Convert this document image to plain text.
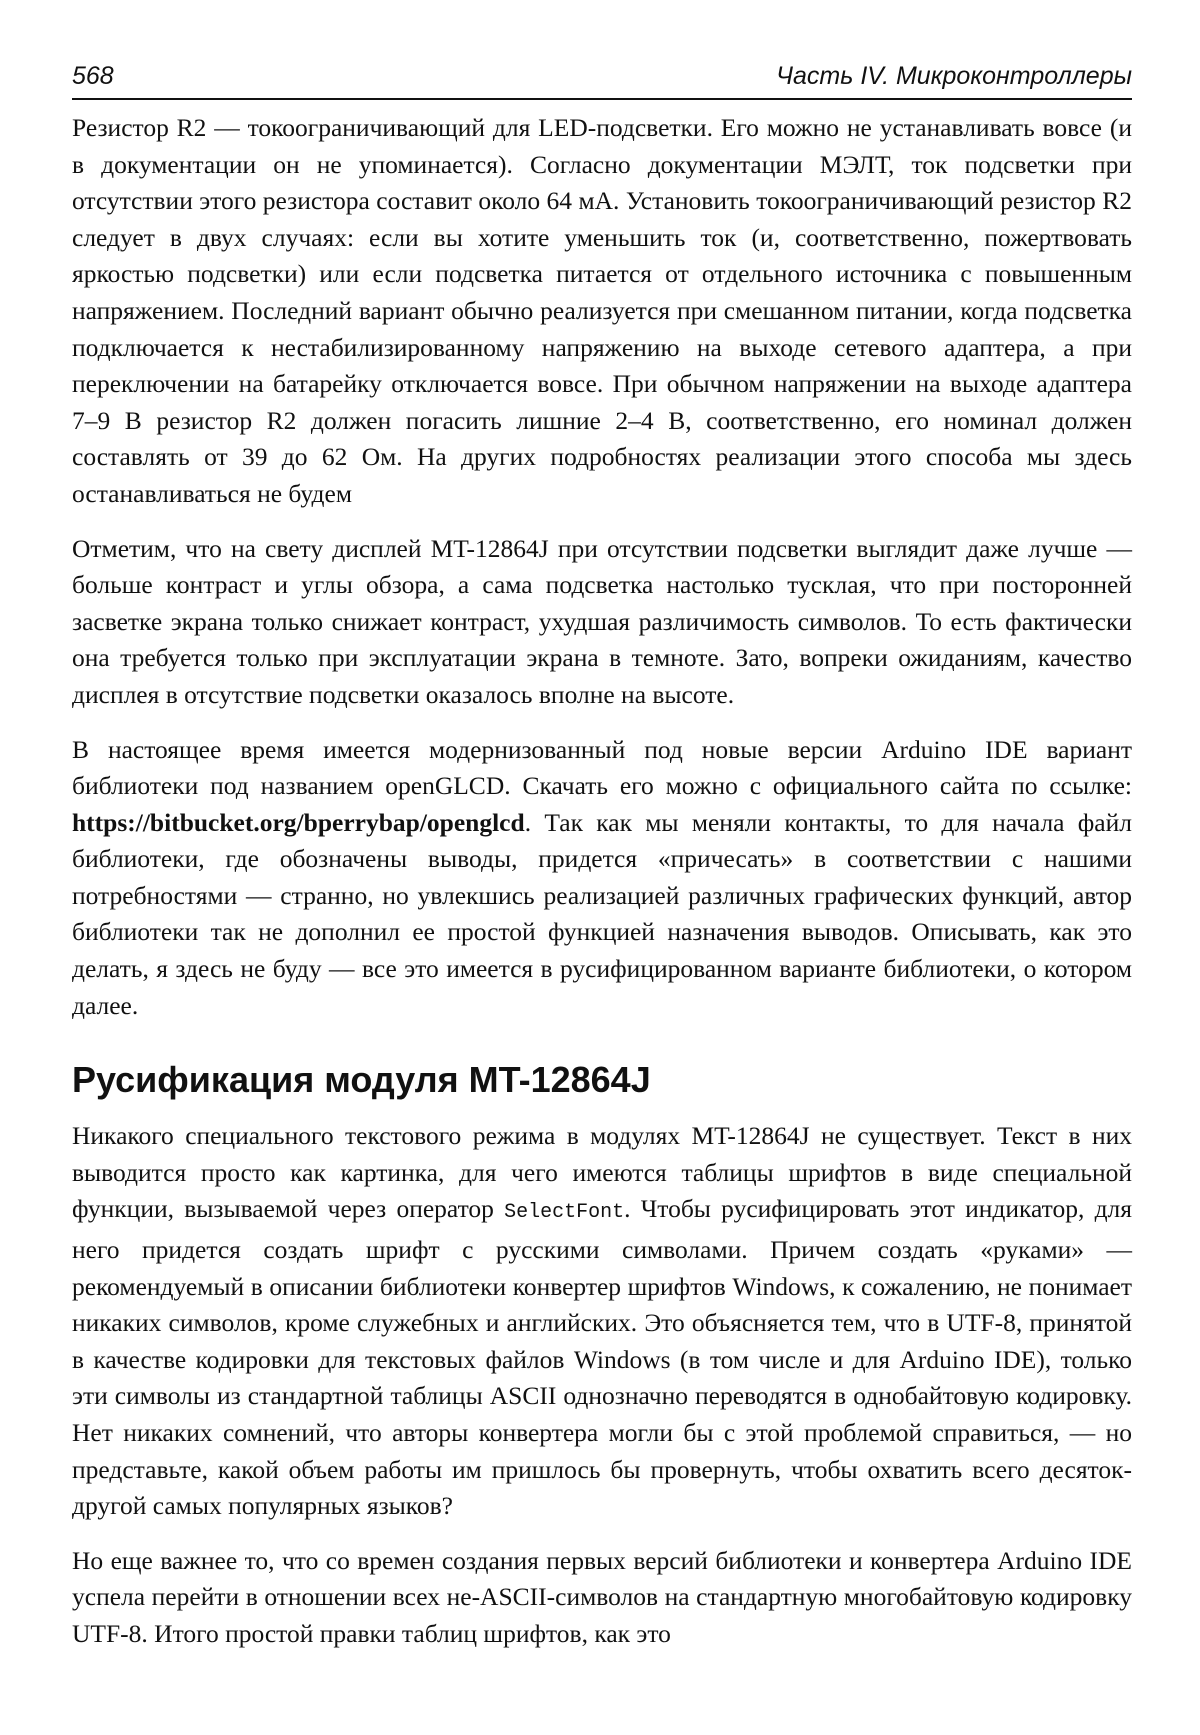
568	Часть IV. Микроконтроллеры

Резистор R2 — токоограничивающий для LED-подсветки. Его можно не устанавливать вовсе (и в документации он не упоминается). Согласно документации МЭЛТ, ток подсветки при отсутствии этого резистора составит около 64 мА. Установить токоограничивающий резистор R2 следует в двух случаях: если вы хотите уменьшить ток (и, соответственно, пожертвовать яркостью подсветки) или если подсветка питается от отдельного источника с повышенным напряжением. Последний вариант обычно реализуется при смешанном питании, когда подсветка подключается к нестабилизированному напряжению на выходе сетевого адаптера, а при переключении на батарейку отключается вовсе. При обычном напряжении на выходе адаптера 7–9 В резистор R2 должен погасить лишние 2–4 В, соответственно, его номинал должен составлять от 39 до 62 Ом. На других подробностях реализации этого способа мы здесь останавливаться не будем

Отметим, что на свету дисплей MT-12864J при отсутствии подсветки выглядит даже лучше — больше контраст и углы обзора, а сама подсветка настолько тусклая, что при посторонней засветке экрана только снижает контраст, ухудшая различимость символов. То есть фактически она требуется только при эксплуатации экрана в темноте. Зато, вопреки ожиданиям, качество дисплея в отсутствие подсветки оказалось вполне на высоте.

В настоящее время имеется модернизованный под новые версии Arduino IDE вариант библиотеки под названием openGLCD. Скачать его можно с официального сайта по ссылке: https://bitbucket.org/bperrybap/openglcd. Так как мы меняли контакты, то для начала файл библиотеки, где обозначены выводы, придется «причесать» в соответствии с нашими потребностями — странно, но увлекшись реализацией различных графических функций, автор библиотеки так не дополнил ее простой функцией назначения выводов. Описывать, как это делать, я здесь не буду — все это имеется в русифицированном варианте библиотеки, о котором далее.

Русификация модуля MT-12864J

Никакого специального текстового режима в модулях MT-12864J не существует. Текст в них выводится просто как картинка, для чего имеются таблицы шрифтов в виде специальной функции, вызываемой через оператор SelectFont. Чтобы русифицировать этот индикатор, для него придется создать шрифт с русскими символами. Причем создать «руками» — рекомендуемый в описании библиотеки конвертер шрифтов Windows, к сожалению, не понимает никаких символов, кроме служебных и английских. Это объясняется тем, что в UTF-8, принятой в качестве кодировки для текстовых файлов Windows (в том числе и для Arduino IDE), только эти символы из стандартной таблицы ASCII однозначно переводятся в однобайтовую кодировку. Нет никаких сомнений, что авторы конвертера могли бы с этой проблемой справиться, — но представьте, какой объем работы им пришлось бы провернуть, чтобы охватить всего десяток-другой самых популярных языков?

Но еще важнее то, что со времен создания первых версий библиотеки и конвертера Arduino IDE успела перейти в отношении всех не-ASCII-символов на стандартную многобайтовую кодировку UTF-8. Итого простой правки таблиц шрифтов, как это
